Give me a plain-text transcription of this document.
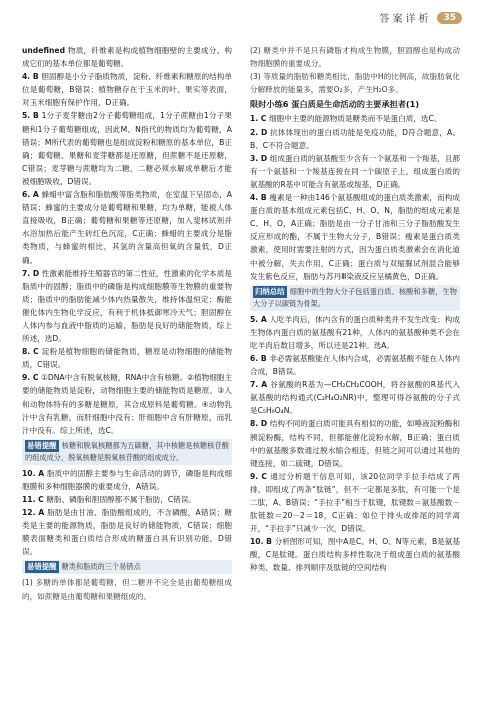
答案详析	35

undefined 物质，纤维素是构成植物细胞壁的主要成分。构成它们的基本单位都是葡萄糖。

4. B 胆固醇是小分子脂质物质，淀粉、纤维素和糖原的结构单位是葡萄糖，B错误；植物糖存在于玉米的叶、果实等表面，对玉米细胞有保护作用，D正确。

5. B 1分子麦芽糖由2分子葡萄糖组成，1分子蔗糖由1分子果糖和1分子葡萄糖组成，因此M、N指代的物质均为葡萄糖，A错误；M所代表的葡萄糖也是组成淀粉和糖原的基本单位，B正确；葡萄糖、果糖和麦芽糖都是还原糖，但蔗糖不是还原糖，C错误；麦芽糖与蔗糖均为二糖，二糖必须水解成单糖后才能被细胞吸收，D错误。

6. A 蜂蜡中富含脂和脂肪酸等脂类物质，在室温下呈固态，A错误；蜂蜜的主要成分是葡萄糖和果糖，均为单糖，能被人体直接吸收，B正确；葡萄糖和果糖等还原糖，加入斐林试剂并水浴加热后能产生砖红色沉淀，C正确；蜂蜡的主要成分是脂类物质，与蜂蜜的相比，其氢的含量高但氧的含量低，D正确。

7. D 性激素能维持生殖器官的第二性征，性激素的化学本质是脂质中的固醇；脂质中的磷脂是构成细胞膜等生物膜的重要物质；脂质中的脂肪能减少体内热量散失，维持体温恒定；酶能催化体内生物化学反应，有利于机体抵御寒冷天气；胆固醇在人体内参与血液中脂质的运输，脂肪是良好的储能物质，综上所述，选D。

8. C 淀粉是植物细胞的储能物质，糖原是动物细胞的储能物质，C错误。

9. C ①DNA中含有脱氧核糖，RNA中含有核糖。②植物细胞主要的储能物质是淀粉，动物细胞主要的储能物质是糖原。③人和动物体特有的多糖是糖原，其合成原料是葡萄糖。④动物乳汁中含有乳糖，而肝细胞中没有；肝细胞中含有肝糖原，而乳汁中没有。综上所述，选C。

易错提醒 核糖和脱氧核糖都为五碳糖，其中核糖是核糖核苷酸的组成成分，脱氧核糖是脱氧核苷酸的组成成分。

10. A 脂质中的固醇主要参与生命活动的调节，磷脂是构成细胞膜和多种细胞器膜的重要成分，A错误。

11. C 糖脂、磷脂和胆固醇都不属于脂肪，C错误。

12. A 脂肪是由甘油、脂肪酸组成的，不含磷酸，A错误；糖类是主要的能源物质，脂肪是良好的储能物质，C错误；细胞膜表面糖类和蛋白质结合形成的糖蛋白具有识别功能，D错误。

易错提醒 糖类和脂质的三个易错点

(1) 多糖的单体都是葡萄糖，但二糖并不完全是由葡萄糖组成的，如蔗糖是由葡萄糖和果糖组成的。

(2) 糖类中并不是只有磷脂才构成生物膜，胆固醇也是构成动物细胞膜的重要成分。

(3) 等质量的脂肪和糖类相比，脂肪中H的比例高，故脂肪氧化分解释放的能量多，需要O₂多，产生H₂O多。

限时小练6 蛋白质是生命活动的主要承担者(1)

1. C 细胞中主要的能源物质是糖类而不是蛋白质，选C。

2. D 抗体体现出的蛋白质功能是免疫功能，D符合题意，A、B、C不符合题意。

3. D 组成蛋白质的氨基酸至少含有一个氨基和一个羧基，且都有一个氨基和一个羧基连接在同一个碳原子上，组成蛋白质的氨基酸的R基中可能含有氨基或羧基，D正确。

4. B 瘦素是一种由146个氨基酸组成的蛋白质类激素，而构成蛋白质的基本组成元素包括C、H、O、N，脂肪的组成元素是C、H、O，A正确；脂肪是由一分子甘油和三分子脂肪酸发生反应形成的酯，不属于生物大分子，B错误；瘦素是蛋白质类激素，使用时需要注射的方式，因为蛋白质类激素会在消化道中被分解，失去作用，C正确；蛋白质与双缩脲试剂混合能够发生紫色反应，脂肪与苏丹Ⅲ染液反应呈橘黄色，D正确。

归纳总结 细胞中的生物大分子包括蛋白质、核酸和多糖，生物大分子以碳链为骨架。

5. A 人吃羊肉后，体内含有的蛋白质种类并不发生改变；构成生物体内蛋白质的氨基酸有21种，人体内的氨基酸种类不会在吃羊肉后数目增多，所以还是21种。选A。

6. B 非必需氨基酸能在人体内合成，必需氨基酸不能在人体内合成，B错误。

7. A 谷氨酸的R基为—CH₂CH₂COOH，将谷氨酸的R基代入氨基酸的结构通式(C₂H₄O₂NR)中，整理可得谷氨酸的分子式是C₅H₉O₄N。

8. D 结构不同的蛋白质可能具有相似的功能，如唾液淀粉酶和胰淀粉酶，结构不同，但都能催化淀粉水解，B正确；蛋白质中的氨基酸多数通过脱水缩合相连，但链之间可以通过其他的键连接，如二硫键，D错误。

9. C 通过分析题干信息可知，该20位同学手拉手结成了两排，即组成了两条“肽链”，但不一定都是多肽，有可能一个是二肽，A、B错误；“手拉手”相当于肽键，肽键数＝氨基酸数－肽链数＝20－2＝18，C正确；如位于排头或排尾的同学离开，“手拉手”只减少一次，D错误。

10. B 分析图形可知，图中A是C、H、O、N等元素，B是氨基酸，C是肽键。蛋白质结构多样性取决于组成蛋白质的氨基酸种类、数量、排列顺序及肽链的空间结构
